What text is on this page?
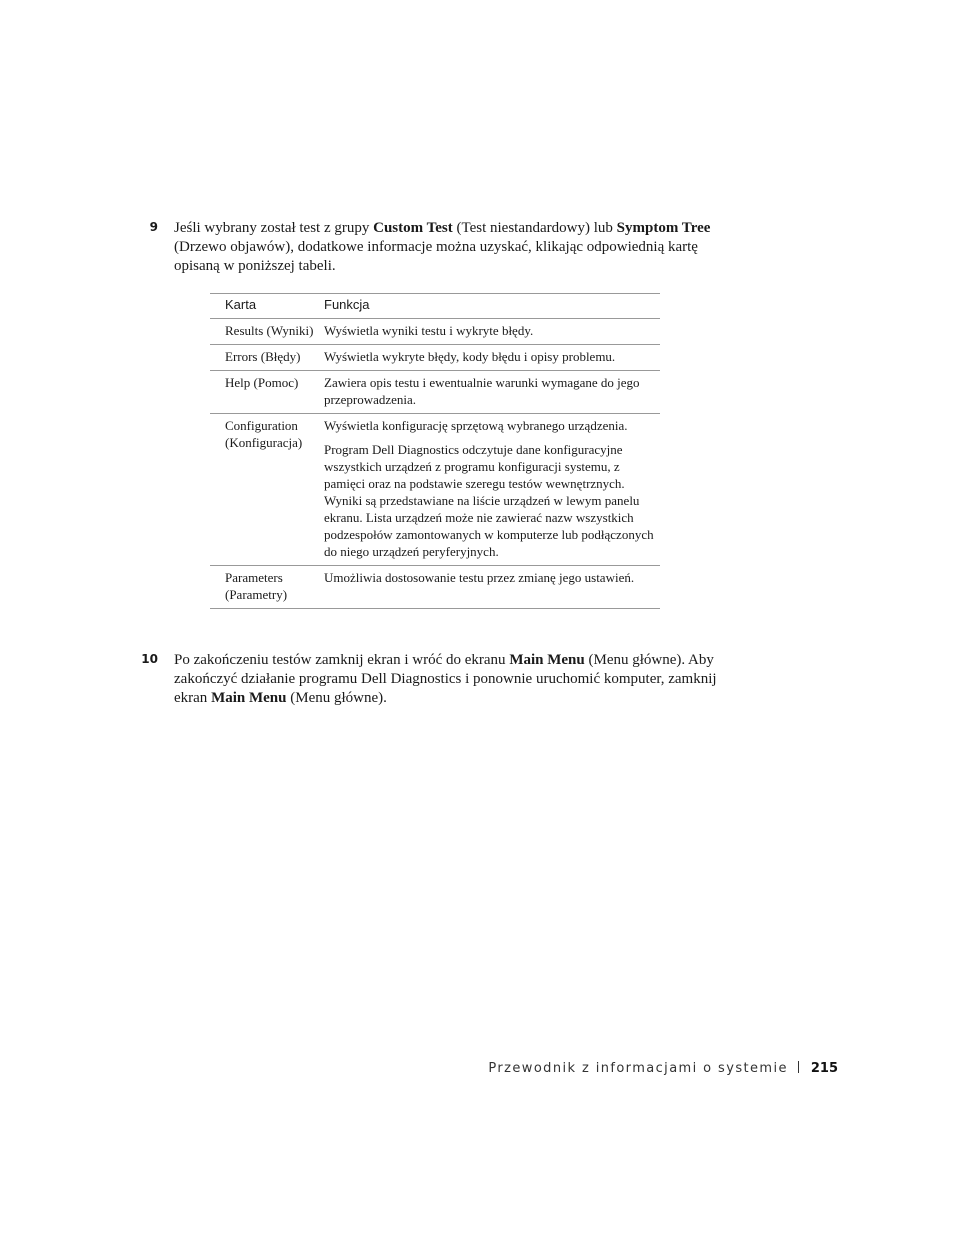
9 Jeśli wybrany został test z grupy Custom Test (Test niestandardowy) lub Symptom Tree (Drzewo objawów), dodatkowe informacje można uzyskać, klikając odpowiednią kartę opisaną w poniższej tabeli.
Karta	Funkcja
Results (Wyniki)	Wyświetla wyniki testu i wykryte błędy.

Errors (Błędy)	Wyświetla wykryte błędy, kody błędu i opisy problemu.

Help (Pomoc)	Zawiera opis testu i ewentualnie warunki wymagane do jego przeprowadzenia.

Configuration (Konfiguracja)	Wyświetla konfigurację sprzętową wybranego urządzenia.

Program Dell Diagnostics odczytuje dane konfiguracyjne wszystkich urządzeń z programu konfiguracji systemu, z pamięci oraz na podstawie szeregu testów wewnętrznych. Wyniki są przedstawiane na liście urządzeń w lewym panelu ekranu. Lista urządzeń może nie zawierać nazw wszystkich podzespołów zamontowanych w komputerze lub podłączonych do niego urządzeń peryferyjnych.

Parameters (Parametry)	Umożliwia dostosowanie testu przez zmianę jego ustawień.

10 Po zakończeniu testów zamknij ekran i wróć do ekranu Main Menu (Menu główne). Aby zakończyć działanie programu Dell Diagnostics i ponownie uruchomić komputer, zamknij ekran Main Menu (Menu główne).
Przewodnik z informacjami o systemie 215
